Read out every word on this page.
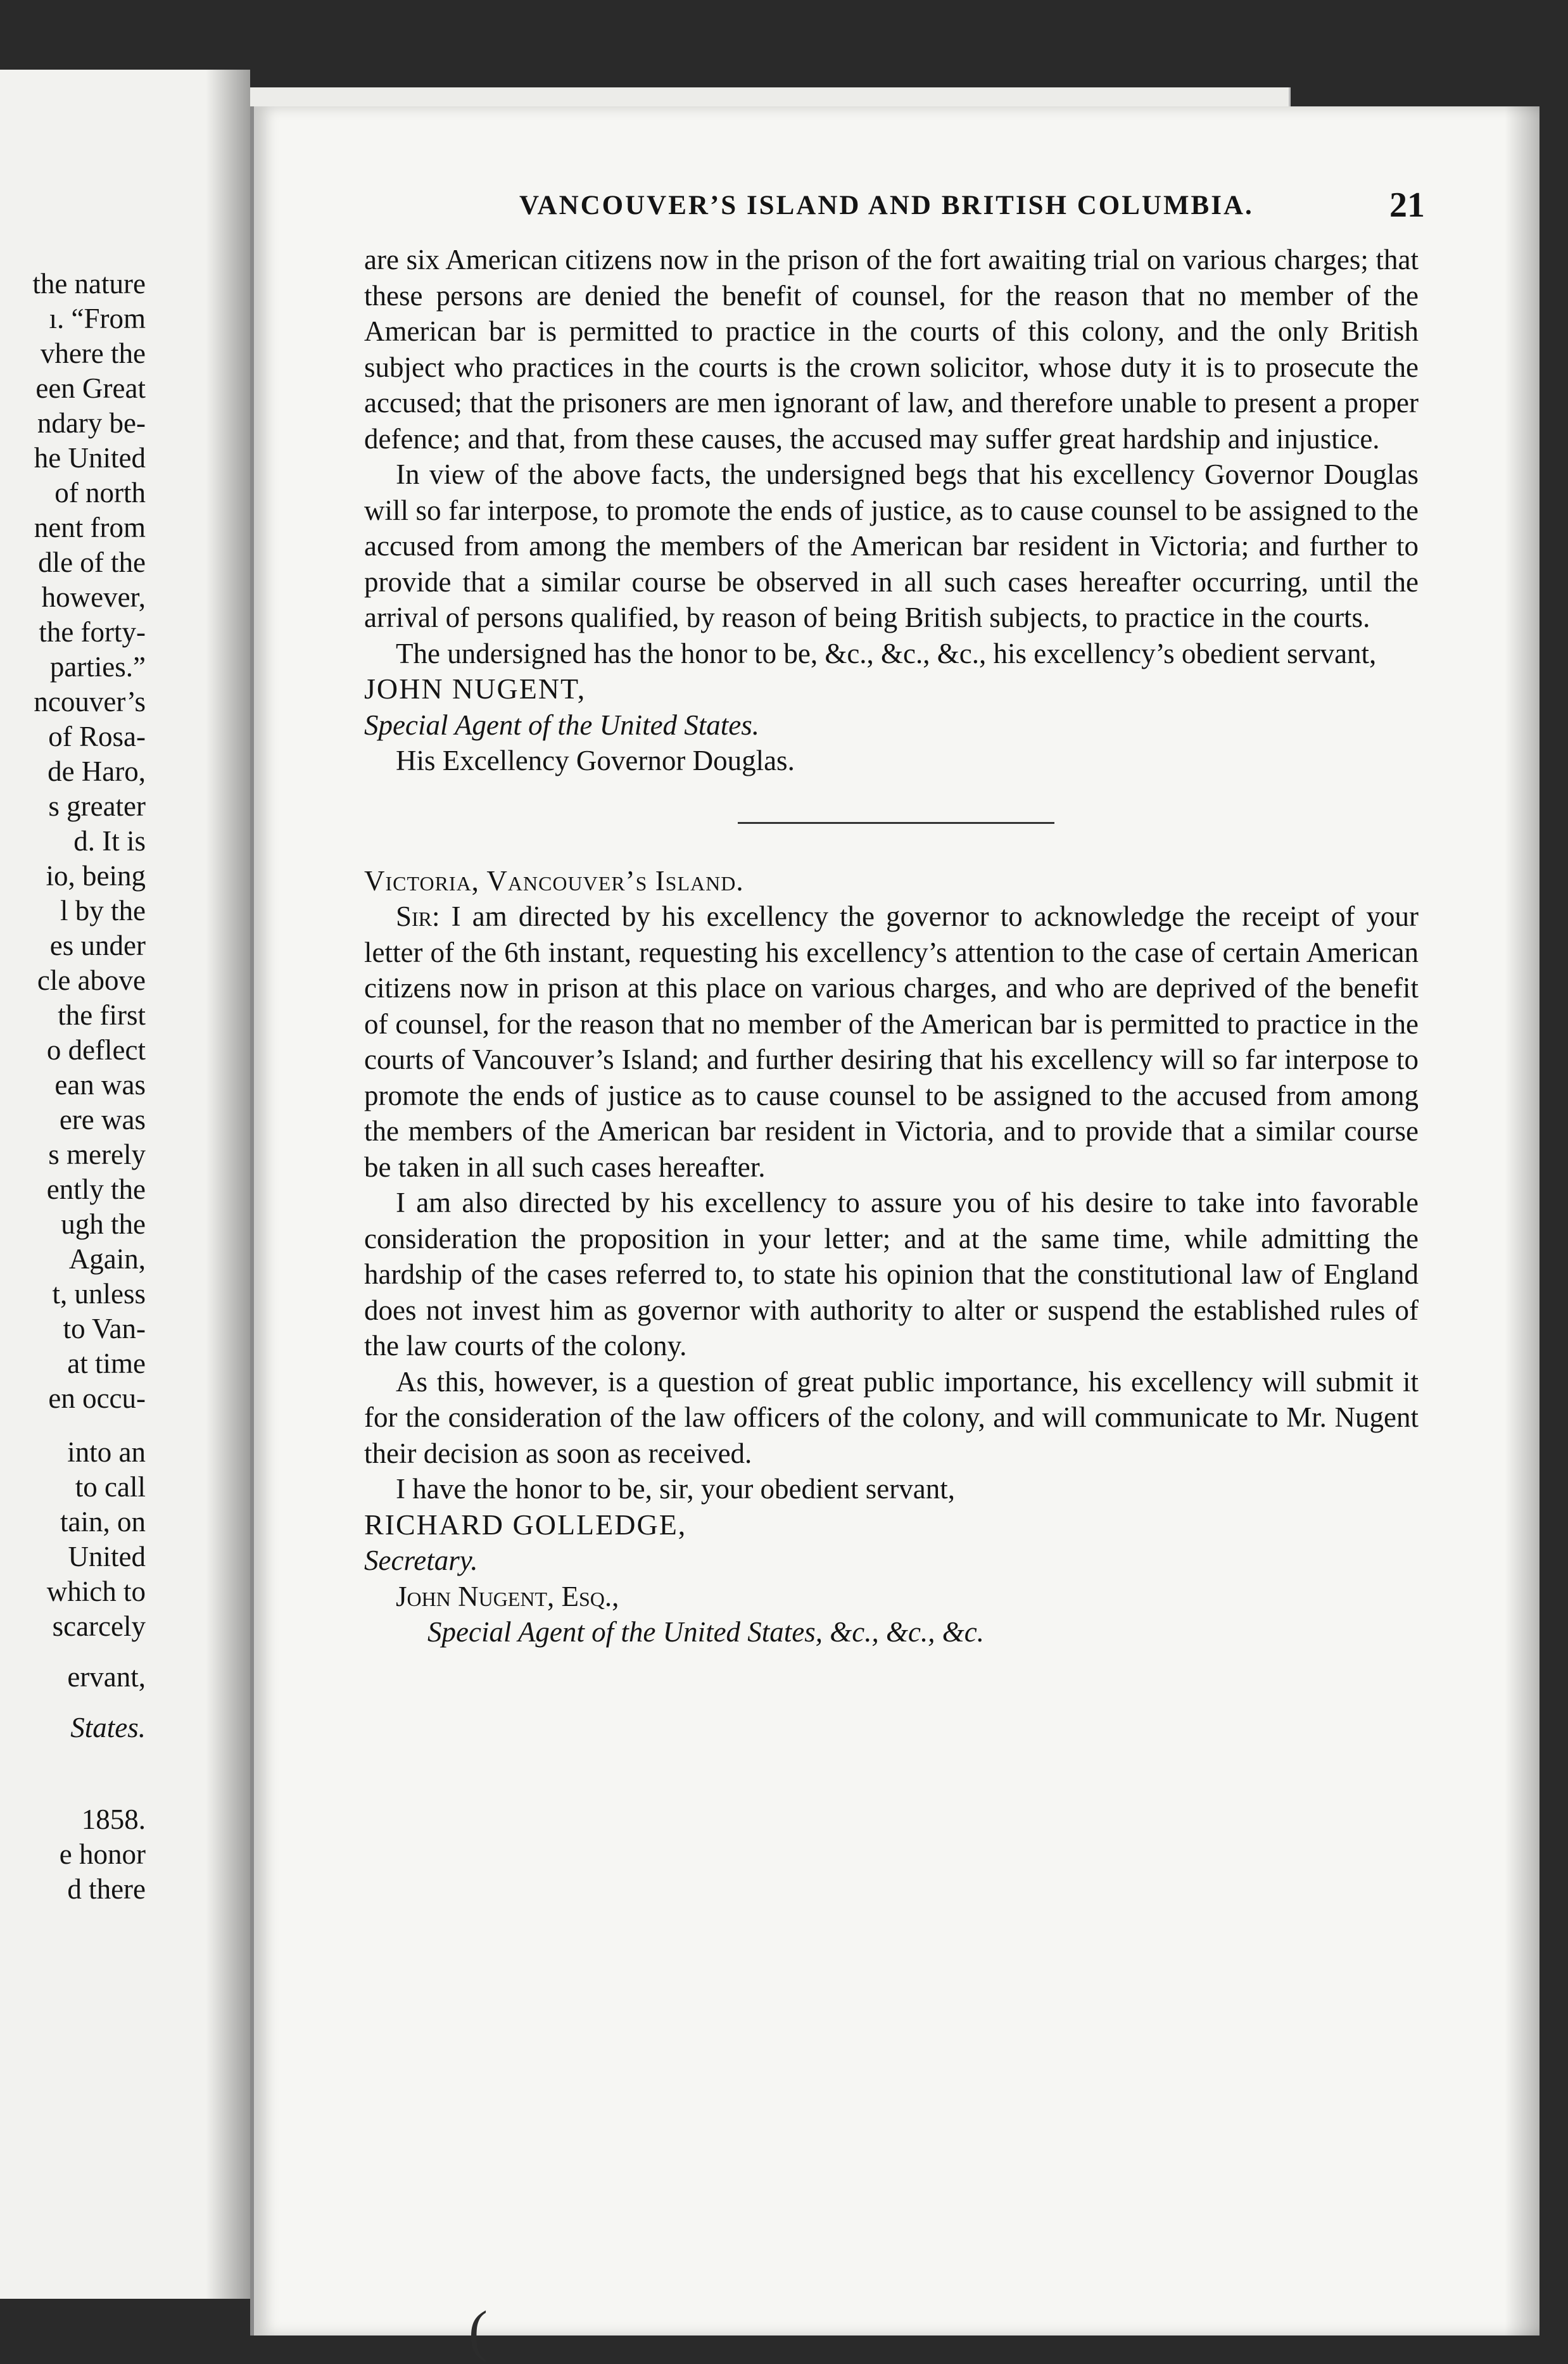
the nature
ı. “From
vhere the
een Great
ndary be-
he United
of north
nent from
dle of the
however,
the forty-
parties.”
ncouver’s
of Rosa-
de Haro,
s greater
d. It is
io, being
l by the
es under
cle above
the first
o deflect
ean was
ere was
s merely
ently the
ugh the
Again,
t, unless
to Van-
at time
en occu-
into an
to call
tain, on
United
which to
scarcely
ervant,
States.
1858.
e honor
d there
VANCOUVER’S ISLAND AND BRITISH COLUMBIA.	21

are six American citizens now in the prison of the fort awaiting trial on various charges; that these persons are denied the benefit of counsel, for the reason that no member of the American bar is permitted to practice in the courts of this colony, and the only British subject who practices in the courts is the crown solicitor, whose duty it is to prosecute the accused; that the prisoners are men ignorant of law, and therefore unable to present a proper defence; and that, from these causes, the accused may suffer great hardship and injustice.

In view of the above facts, the undersigned begs that his excellency Governor Douglas will so far interpose, to promote the ends of justice, as to cause counsel to be assigned to the accused from among the members of the American bar resident in Victoria; and further to provide that a similar course be observed in all such cases hereafter occurring, until the arrival of persons qualified, by reason of being British subjects, to practice in the courts.

The undersigned has the honor to be, &c., &c., &c., his excellency’s obedient servant,

JOHN NUGENT,

Special Agent of the United States.

His Excellency Governor Douglas.

Victoria, Vancouver’s Island.

Sir: I am directed by his excellency the governor to acknowledge the receipt of your letter of the 6th instant, requesting his excellency’s attention to the case of certain American citizens now in prison at this place on various charges, and who are deprived of the benefit of counsel, for the reason that no member of the American bar is permitted to practice in the courts of Vancouver’s Island; and further desiring that his excellency will so far interpose to promote the ends of justice as to cause counsel to be assigned to the accused from among the members of the American bar resident in Victoria, and to provide that a similar course be taken in all such cases hereafter.

I am also directed by his excellency to assure you of his desire to take into favorable consideration the proposition in your letter; and at the same time, while admitting the hardship of the cases referred to, to state his opinion that the constitutional law of England does not invest him as governor with authority to alter or suspend the established rules of the law courts of the colony.

As this, however, is a question of great public importance, his excellency will submit it for the consideration of the law officers of the colony, and will communicate to Mr. Nugent their decision as soon as received.

I have the honor to be, sir, your obedient servant,

RICHARD GOLLEDGE,

Secretary.

John Nugent, Esq.,

Special Agent of the United States, &c., &c., &c.

(
